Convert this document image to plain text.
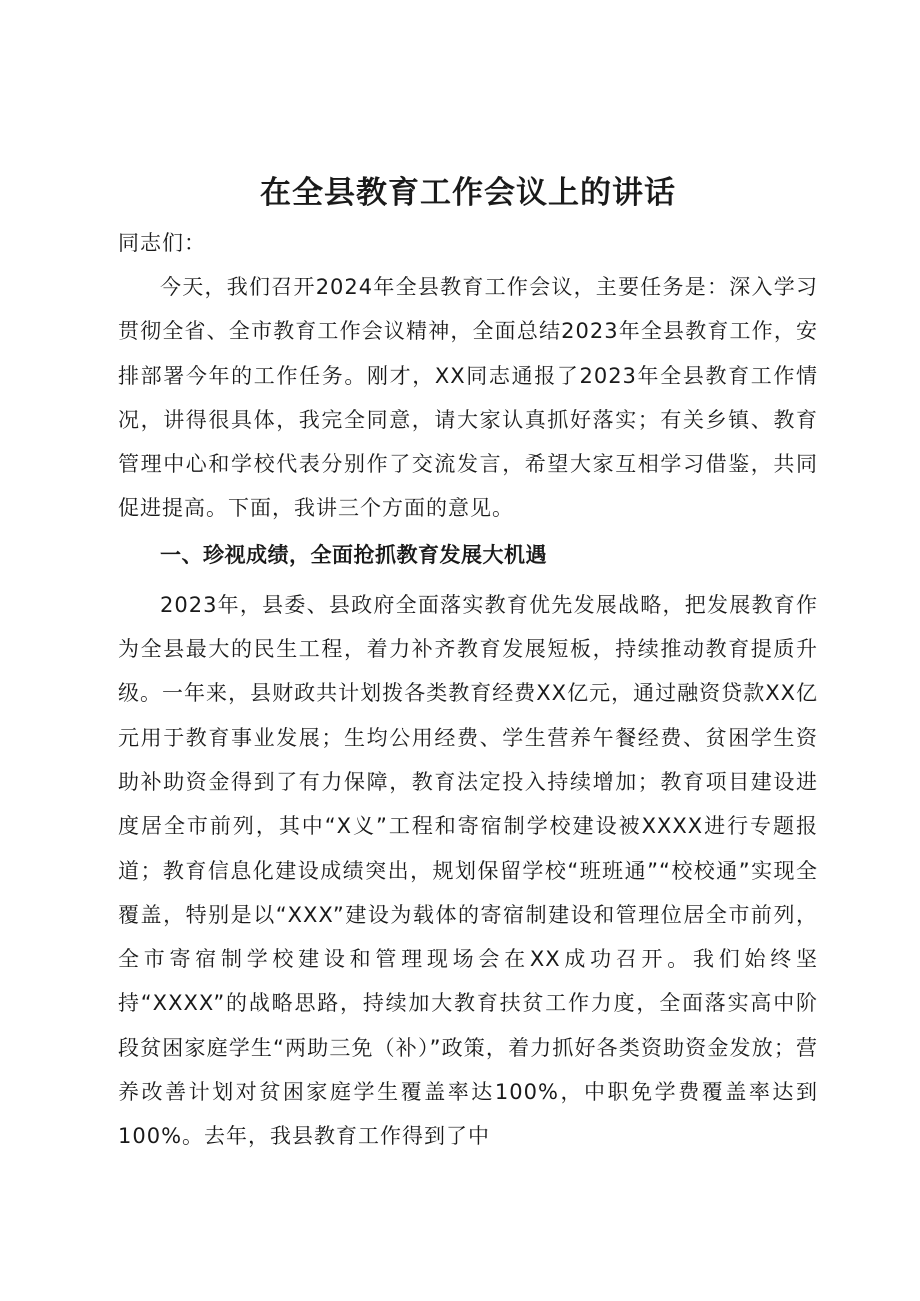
在全县教育工作会议上的讲话

同志们：

今天，我们召开2024年全县教育工作会议，主要任务是：深入学习贯彻全省、全市教育工作会议精神，全面总结2023年全县教育工作，安排部署今年的工作任务。刚才，XX同志通报了2023年全县教育工作情况，讲得很具体，我完全同意，请大家认真抓好落实；有关乡镇、教育管理中心和学校代表分别作了交流发言，希望大家互相学习借鉴，共同促进提高。下面，我讲三个方面的意见。

一、珍视成绩，全面抢抓教育发展大机遇

2023年，县委、县政府全面落实教育优先发展战略，把发展教育作为全县最大的民生工程，着力补齐教育发展短板，持续推动教育提质升级。一年来，县财政共计划拨各类教育经费XX亿元，通过融资贷款XX亿元用于教育事业发展；生均公用经费、学生营养午餐经费、贫困学生资助补助资金得到了有力保障，教育法定投入持续增加；教育项目建设进度居全市前列，其中“X义”工程和寄宿制学校建设被XXXX进行专题报道；教育信息化建设成绩突出，规划保留学校“班班通”“校校通”实现全覆盖，特别是以“XXX”建设为载体的寄宿制建设和管理位居全市前列，全市寄宿制学校建设和管理现场会在XX成功召开。我们始终坚持“XXXX”的战略思路，持续加大教育扶贫工作力度，全面落实高中阶段贫困家庭学生“两助三免（补）”政策，着力抓好各类资助资金发放；营养改善计划对贫困家庭学生覆盖率达100%，中职免学费覆盖率达到100%。去年，我县教育工作得到了中
